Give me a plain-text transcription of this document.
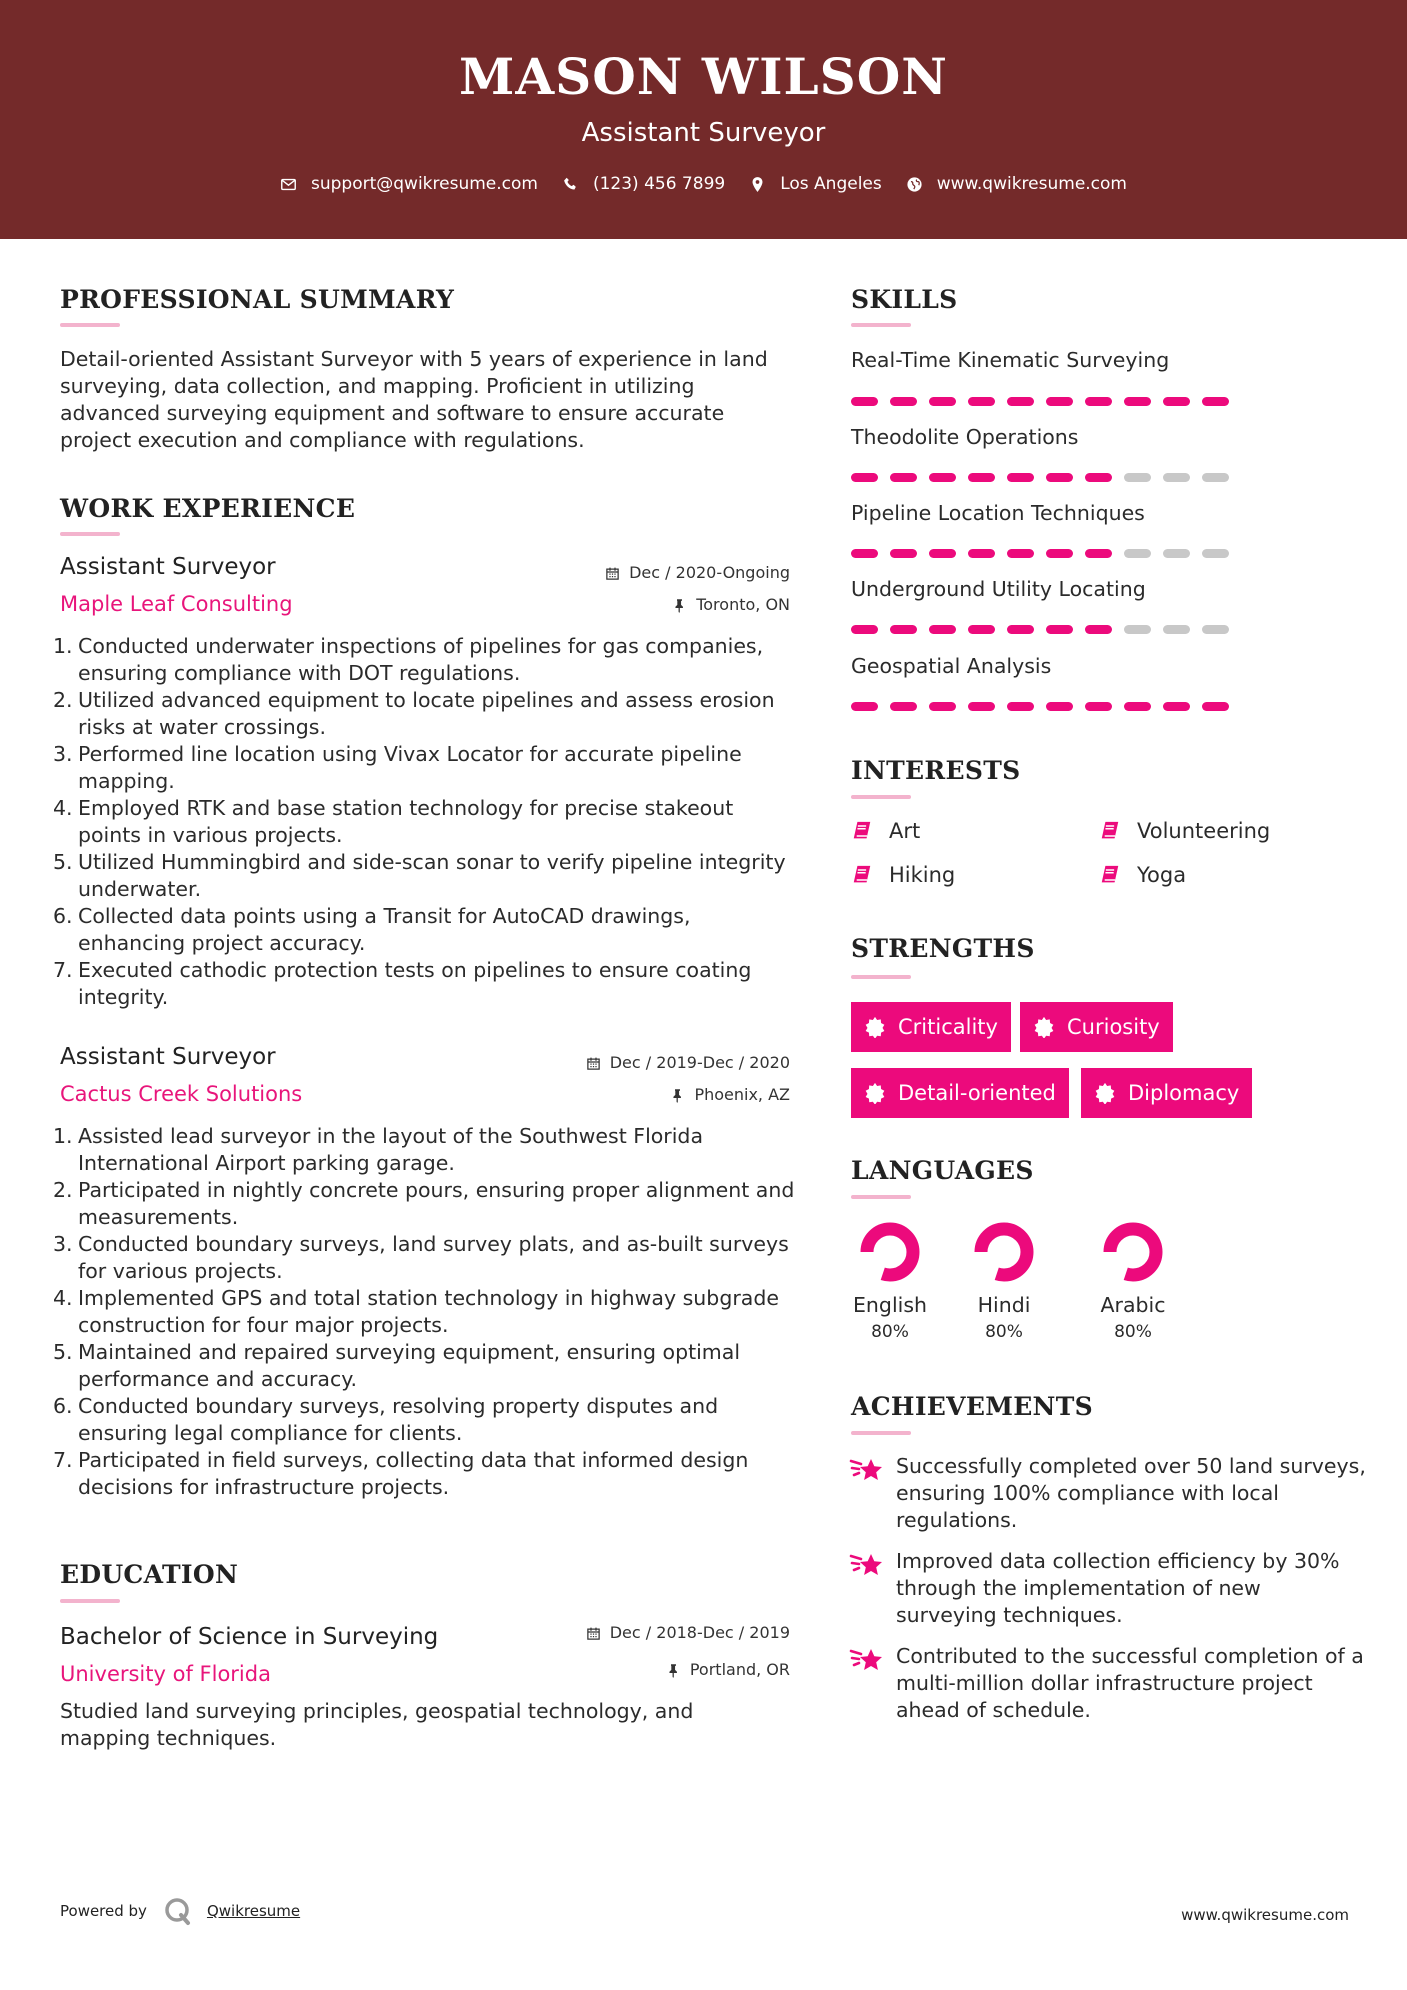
MASON WILSON
Assistant Surveyor
support@qwikresume.com	(123) 456 7899	Los Angeles	www.qwikresume.com
PROFESSIONAL SUMMARY
Detail-oriented Assistant Surveyor with 5 years of experience in land surveying, data collection, and mapping. Proficient in utilizing advanced surveying equipment and software to ensure accurate project execution and compliance with regulations.
WORK EXPERIENCE
Assistant Surveyor
Maple Leaf Consulting
Dec / 2020-Ongoing
Toronto, ON
1. Conducted underwater inspections of pipelines for gas companies, ensuring compliance with DOT regulations.
2. Utilized advanced equipment to locate pipelines and assess erosion risks at water crossings.
3. Performed line location using Vivax Locator for accurate pipeline mapping.
4. Employed RTK and base station technology for precise stakeout points in various projects.
5. Utilized Hummingbird and side-scan sonar to verify pipeline integrity underwater.
6. Collected data points using a Transit for AutoCAD drawings, enhancing project accuracy.
7. Executed cathodic protection tests on pipelines to ensure coating integrity.
Assistant Surveyor
Cactus Creek Solutions
Dec / 2019-Dec / 2020
Phoenix, AZ
1. Assisted lead surveyor in the layout of the Southwest Florida International Airport parking garage.
2. Participated in nightly concrete pours, ensuring proper alignment and measurements.
3. Conducted boundary surveys, land survey plats, and as-built surveys for various projects.
4. Implemented GPS and total station technology in highway subgrade construction for four major projects.
5. Maintained and repaired surveying equipment, ensuring optimal performance and accuracy.
6. Conducted boundary surveys, resolving property disputes and ensuring legal compliance for clients.
7. Participated in field surveys, collecting data that informed design decisions for infrastructure projects.
EDUCATION
Bachelor of Science in Surveying
University of Florida
Dec / 2018-Dec / 2019
Portland, OR
Studied land surveying principles, geospatial technology, and mapping techniques.
SKILLS
Real-Time Kinematic Surveying
Theodolite Operations
Pipeline Location Techniques
Underground Utility Locating
Geospatial Analysis
INTERESTS
Art	Volunteering
Hiking	Yoga
STRENGTHS
Criticality	Curiosity
Detail-oriented	Diplomacy
LANGUAGES
English
80%
Hindi
80%
Arabic
80%
ACHIEVEMENTS
Successfully completed over 50 land surveys, ensuring 100% compliance with local regulations.
Improved data collection efficiency by 30% through the implementation of new surveying techniques.
Contributed to the successful completion of a multi-million dollar infrastructure project ahead of schedule.
Powered by	Qwikresume	www.qwikresume.com
